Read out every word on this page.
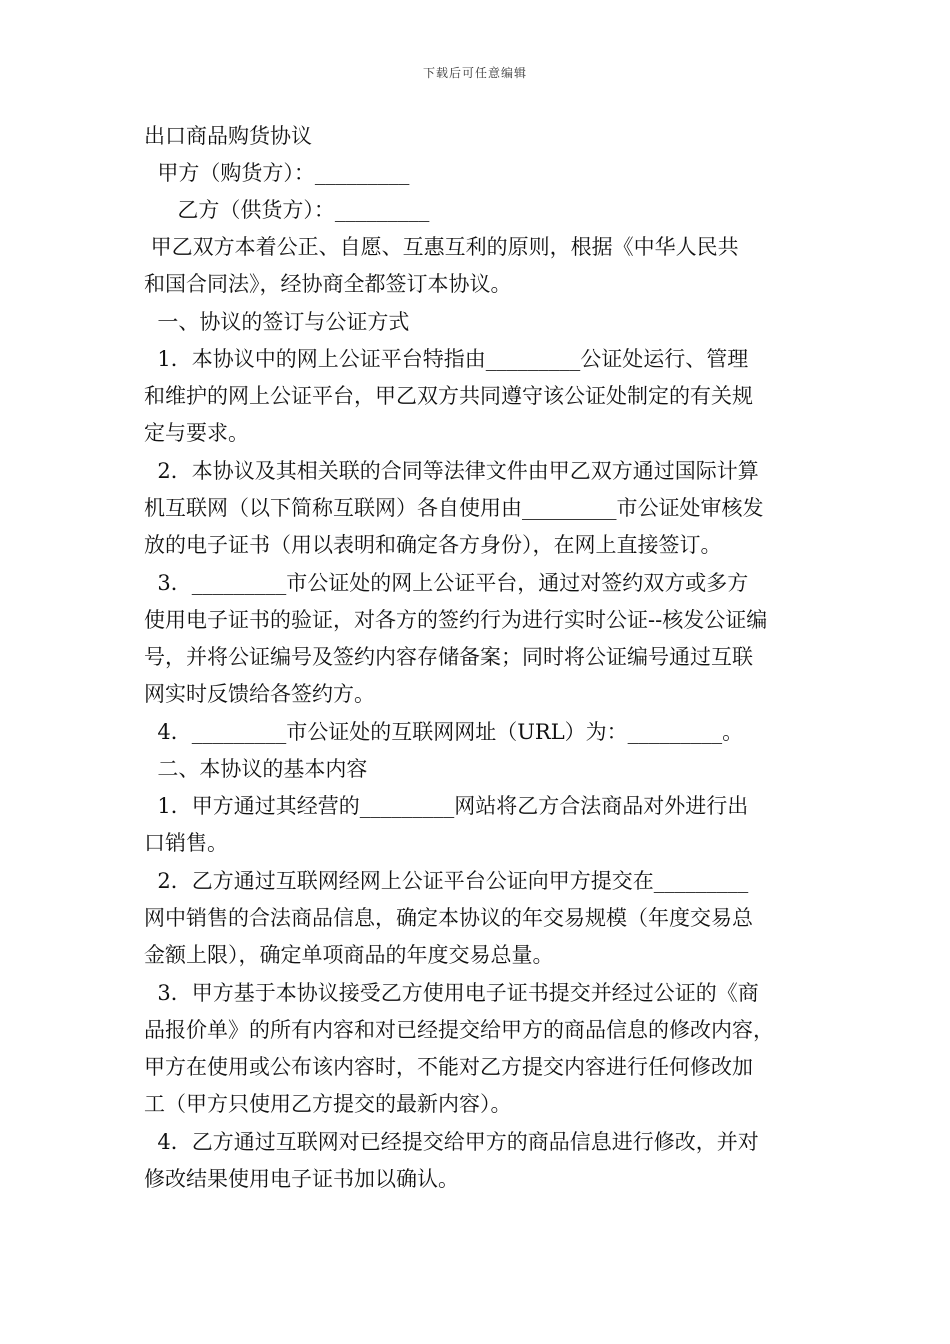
下载后可任意编辑

出口商品购货协议

甲方（购货方）：_________

乙方（供货方）：_________

甲乙双方本着公正、自愿、互惠互利的原则，根据《中华人民共

和国合同法》，经协商全都签订本协议。

一、协议的签订与公证方式

1．本协议中的网上公证平台特指由_________公证处运行、管理

和维护的网上公证平台，甲乙双方共同遵守该公证处制定的有关规

定与要求。

2．本协议及其相关联的合同等法律文件由甲乙双方通过国际计算

机互联网（以下简称互联网）各自使用由_________市公证处审核发

放的电子证书（用以表明和确定各方身份），在网上直接签订。

3．_________市公证处的网上公证平台，通过对签约双方或多方

使用电子证书的验证，对各方的签约行为进行实时公证--核发公证编

号，并将公证编号及签约内容存储备案；同时将公证编号通过互联

网实时反馈给各签约方。

4．_________市公证处的互联网网址（URL）为：_________。

二、本协议的基本内容

1．甲方通过其经营的_________网站将乙方合法商品对外进行出

口销售。

2．乙方通过互联网经网上公证平台公证向甲方提交在_________

网中销售的合法商品信息，确定本协议的年交易规模（年度交易总

金额上限），确定单项商品的年度交易总量。

3．甲方基于本协议接受乙方使用电子证书提交并经过公证的《商

品报价单》的所有内容和对已经提交给甲方的商品信息的修改内容，

甲方在使用或公布该内容时，不能对乙方提交内容进行任何修改加

工（甲方只使用乙方提交的最新内容）。

4．乙方通过互联网对已经提交给甲方的商品信息进行修改，并对

修改结果使用电子证书加以确认。
